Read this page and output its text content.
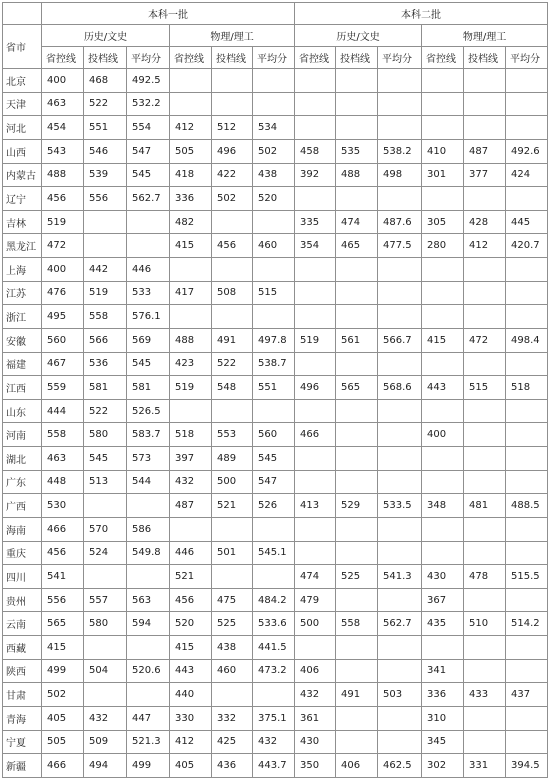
	本科一批						本科二批					
省市	历史/文史			物理/理工			历史/文史			物理/理工		
	省控线	投档线	平均分	省控线	投档线	平均分	省控线	投档线	平均分	省控线	投档线	平均分
北京	400	468	492.5									
天津	463	522	532.2									
河北	454	551	554	412	512	534						
山西	543	546	547	505	496	502	458	535	538.2	410	487	492.6
内蒙古	488	539	545	418	422	438	392	488	498	301	377	424
辽宁	456	556	562.7	336	502	520						
吉林	519			482			335	474	487.6	305	428	445
黑龙江	472			415	456	460	354	465	477.5	280	412	420.7
上海	400	442	446									
江苏	476	519	533	417	508	515						
浙江	495	558	576.1									
安徽	560	566	569	488	491	497.8	519	561	566.7	415	472	498.4
福建	467	536	545	423	522	538.7						
江西	559	581	581	519	548	551	496	565	568.6	443	515	518
山东	444	522	526.5									
河南	558	580	583.7	518	553	560	466			400		
湖北	463	545	573	397	489	545						
广东	448	513	544	432	500	547						
广西	530			487	521	526	413	529	533.5	348	481	488.5
海南	466	570	586									
重庆	456	524	549.8	446	501	545.1						
四川	541			521			474	525	541.3	430	478	515.5
贵州	556	557	563	456	475	484.2	479			367		
云南	565	580	594	520	525	533.6	500	558	562.7	435	510	514.2
西藏	415			415	438	441.5						
陕西	499	504	520.6	443	460	473.2	406			341		
甘肃	502			440			432	491	503	336	433	437
青海	405	432	447	330	332	375.1	361			310		
宁夏	505	509	521.3	412	425	432	430			345		
新疆	466	494	499	405	436	443.7	350	406	462.5	302	331	394.5
